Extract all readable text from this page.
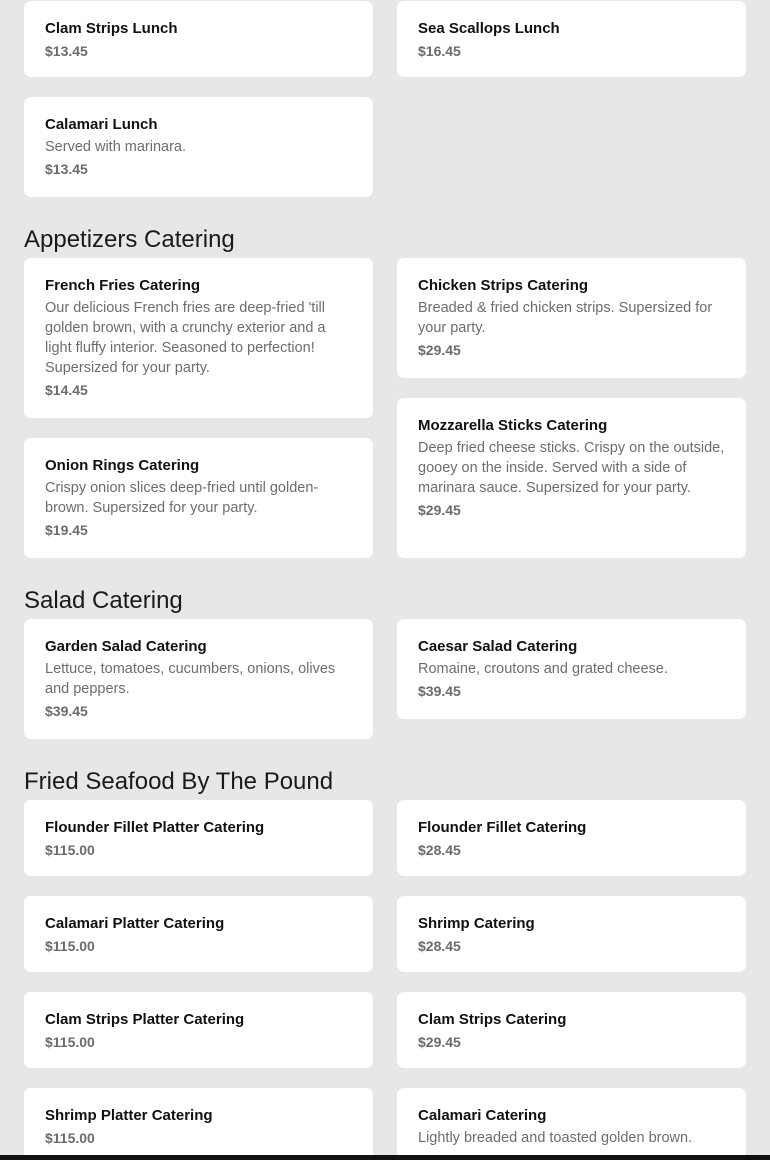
Clam Strips Lunch
$13.45
Sea Scallops Lunch
$16.45
Calamari Lunch
Served with marinara.
$13.45
Appetizers Catering
French Fries Catering
Our delicious French fries are deep-fried 'till golden brown, with a crunchy exterior and a light fluffy interior. Seasoned to perfection! Supersized for your party.
$14.45
Chicken Strips Catering
Breaded & fried chicken strips. Supersized for your party.
$29.45
Mozzarella Sticks Catering
Deep fried cheese sticks. Crispy on the outside, gooey on the inside. Served with a side of marinara sauce. Supersized for your party.
$29.45
Onion Rings Catering
Crispy onion slices deep-fried until golden-brown. Supersized for your party.
$19.45
Salad Catering
Garden Salad Catering
Lettuce, tomatoes, cucumbers, onions, olives and peppers.
$39.45
Caesar Salad Catering
Romaine, croutons and grated cheese.
$39.45
Fried Seafood By The Pound
Flounder Fillet Platter Catering
$115.00
Flounder Fillet Catering
$28.45
Calamari Platter Catering
$115.00
Shrimp Catering
$28.45
Clam Strips Platter Catering
$115.00
Clam Strips Catering
$29.45
Shrimp Platter Catering
$115.00
Calamari Catering
Lightly breaded and toasted golden brown.
